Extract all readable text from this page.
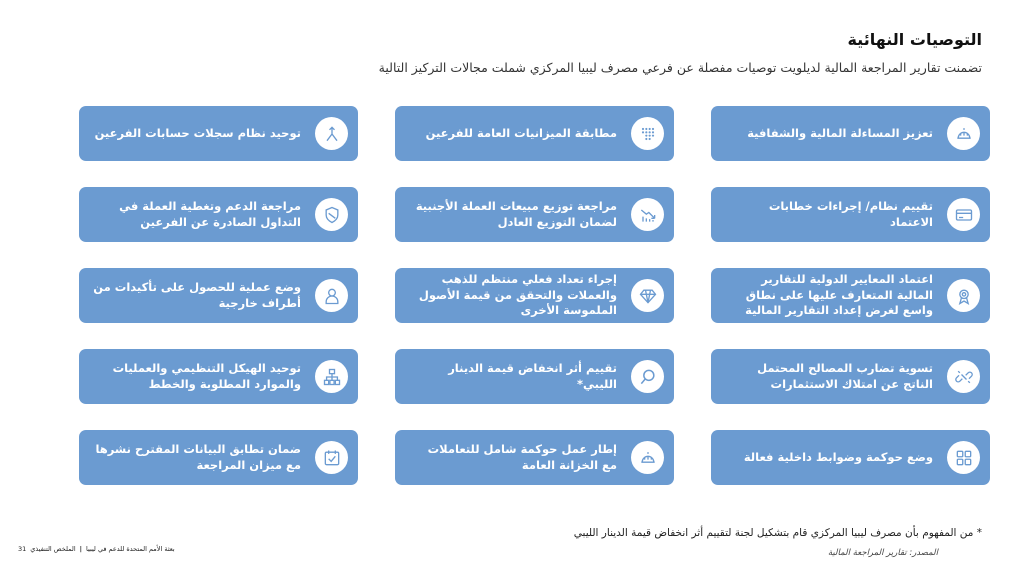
التوصيات النهائية

تضمنت تقارير المراجعة المالية لديلويت توصيات مفصلة عن فرعي مصرف ليبيا المركزي شملت مجالات التركيز التالية

تعزيز المساءلة المالية والشفافية
مطابقة الميزانيات العامة للفرعين
توحيد نظام سجلات حسابات الفرعين
تقييم نظام/ إجراءات خطابات الاعتماد
مراجعة توزيع مبيعات العملة الأجنبية لضمان التوزيع العادل
مراجعة الدعم وتغطية العملة في التداول الصادرة عن الفرعين
اعتماد المعايير الدولية للتقارير المالية المتعارف عليها على نطاق واسع لغرض إعداد التقارير المالية
إجراء تعداد فعلي منتظم للذهب والعملات والتحقق من قيمة الأصول الملموسة الأخرى
وضع عملية للحصول على تأكيدات من أطراف خارجية
تسوية تضارب المصالح المحتمل الناتج عن امتلاك الاستثمارات
تقييم أثر انخفاض قيمة الدينار الليبي*
توحيد الهيكل التنظيمي والعمليات والموارد المطلوبة والخطط
وضع حوكمة وضوابط داخلية فعالة
إطار عمل حوكمة شامل للتعاملات مع الخزانة العامة
ضمان تطابق البيانات المقترح نشرها مع ميزان المراجعة

* من المفهوم بأن مصرف ليبيا المركزي قام بتشكيل لجنة لتقييم أثر انخفاض قيمة الدينار الليبي

المصدر: تقارير المراجعة المالية

بعثة الأمم المتحدة للدعم في ليبيا
|
الملخص التنفيذي
31
